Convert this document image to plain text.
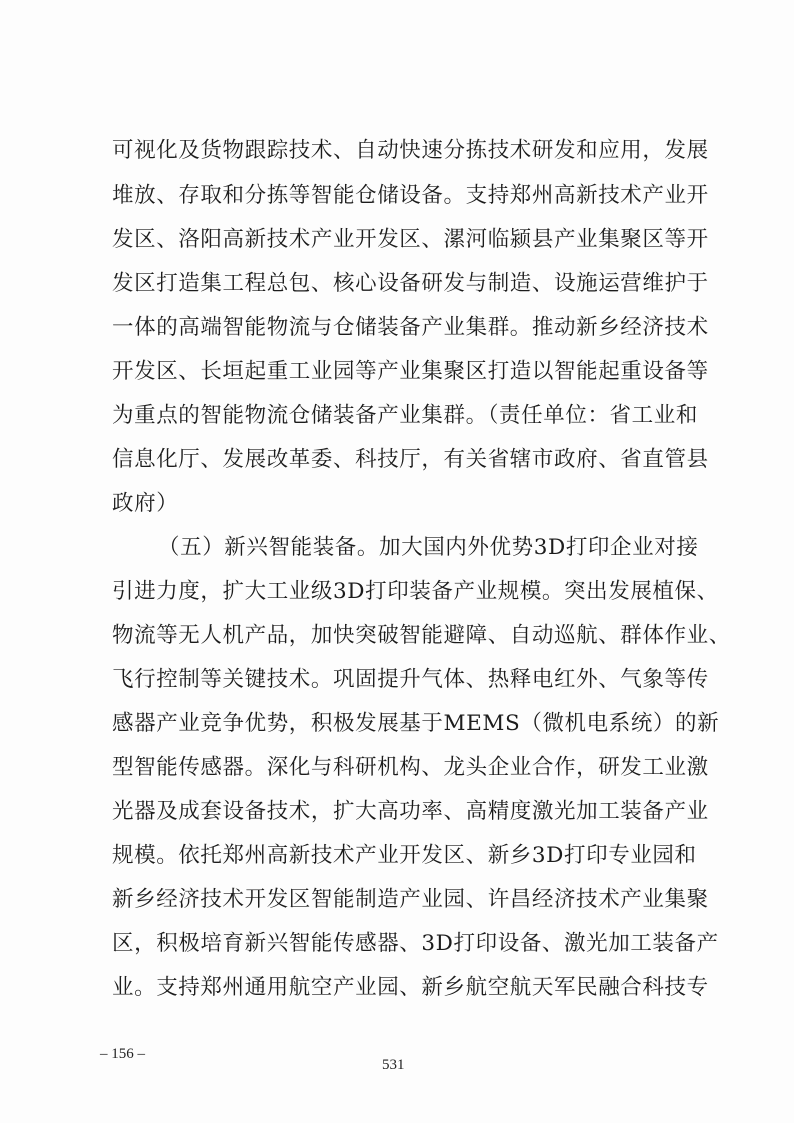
可视化及货物跟踪技术、自动快速分拣技术研发和应用，发展
堆放、存取和分拣等智能仓储设备。支持郑州高新技术产业开
发区、洛阳高新技术产业开发区、漯河临颍县产业集聚区等开
发区打造集工程总包、核心设备研发与制造、设施运营维护于
一体的高端智能物流与仓储装备产业集群。推动新乡经济技术
开发区、长垣起重工业园等产业集聚区打造以智能起重设备等
为重点的智能物流仓储装备产业集群。（责任单位：省工业和
信息化厅、发展改革委、科技厅，有关省辖市政府、省直管县
政府）
（五）新兴智能装备。加大国内外优势3D打印企业对接
引进力度，扩大工业级3D打印装备产业规模。突出发展植保、
物流等无人机产品，加快突破智能避障、自动巡航、群体作业、
飞行控制等关键技术。巩固提升气体、热释电红外、气象等传
感器产业竞争优势，积极发展基于MEMS（微机电系统）的新
型智能传感器。深化与科研机构、龙头企业合作，研发工业激
光器及成套设备技术，扩大高功率、高精度激光加工装备产业
规模。依托郑州高新技术产业开发区、新乡3D打印专业园和
新乡经济技术开发区智能制造产业园、许昌经济技术产业集聚
区，积极培育新兴智能传感器、3D打印设备、激光加工装备产
业。支持郑州通用航空产业园、新乡航空航天军民融合科技专
– 156 –
531
